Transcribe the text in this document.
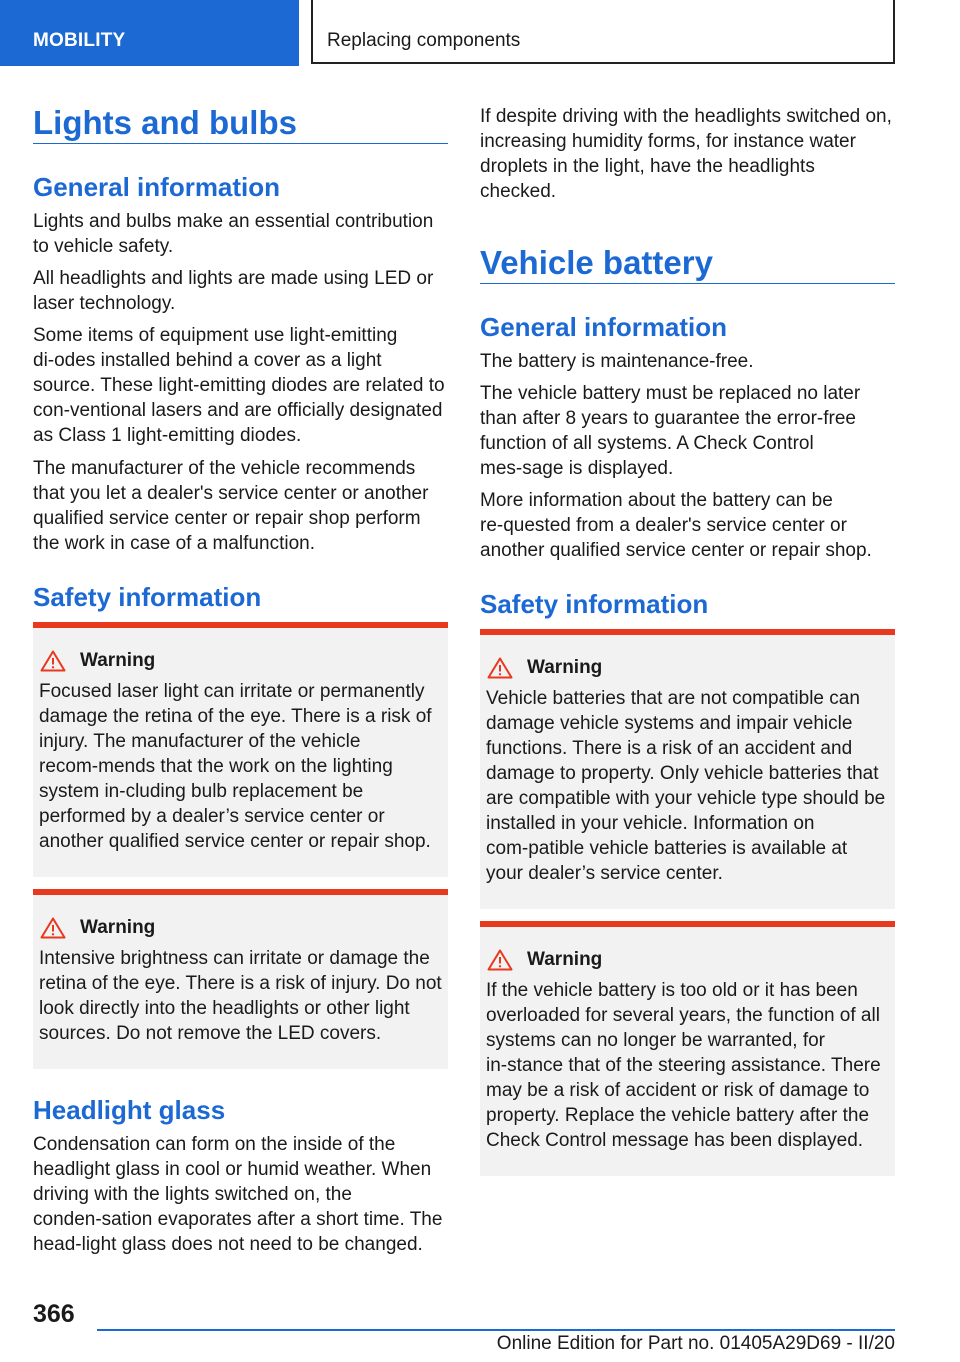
MOBILITY	Replacing components
Lights and bulbs
General information

Lights and bulbs make an essential contribution to vehicle safety.

All headlights and lights are made using LED or laser technology.

Some items of equipment use light‑emitting di‑odes installed behind a cover as a light source. These light‑emitting diodes are related to con‑ventional lasers and are officially designated as Class 1 light‑emitting diodes.

The manufacturer of the vehicle recommends that you let a dealer's service center or another qualified service center or repair shop perform the work in case of a malfunction.

Safety information
Warning

Focused laser light can irritate or permanently damage the retina of the eye. There is a risk of injury. The manufacturer of the vehicle recom‑mends that the work on the lighting system in‑cluding bulb replacement be performed by a dealer’s service center or another qualified service center or repair shop.

Warning

Intensive brightness can irritate or damage the retina of the eye. There is a risk of injury. Do not look directly into the headlights or other light sources. Do not remove the LED covers.

Headlight glass

Condensation can form on the inside of the headlight glass in cool or humid weather. When driving with the lights switched on, the conden‑sation evaporates after a short time. The head‑light glass does not need to be changed.

If despite driving with the headlights switched on, increasing humidity forms, for instance water droplets in the light, have the headlights checked.

Vehicle battery
General information

The battery is maintenance‑free.

The vehicle battery must be replaced no later than after 8 years to guarantee the error‑free function of all systems. A Check Control mes‑sage is displayed.

More information about the battery can be re‑quested from a dealer's service center or another qualified service center or repair shop.

Safety information
Warning

Vehicle batteries that are not compatible can damage vehicle systems and impair vehicle functions. There is a risk of an accident and damage to property. Only vehicle batteries that are compatible with your vehicle type should be installed in your vehicle. Information on com‑patible vehicle batteries is available at your dealer’s service center.

Warning

If the vehicle battery is too old or it has been overloaded for several years, the function of all systems can no longer be warranted, for in‑stance that of the steering assistance. There may be a risk of accident or risk of damage to property. Replace the vehicle battery after the Check Control message has been displayed.

366
Online Edition for Part no. 01405A29D69 - II/20
